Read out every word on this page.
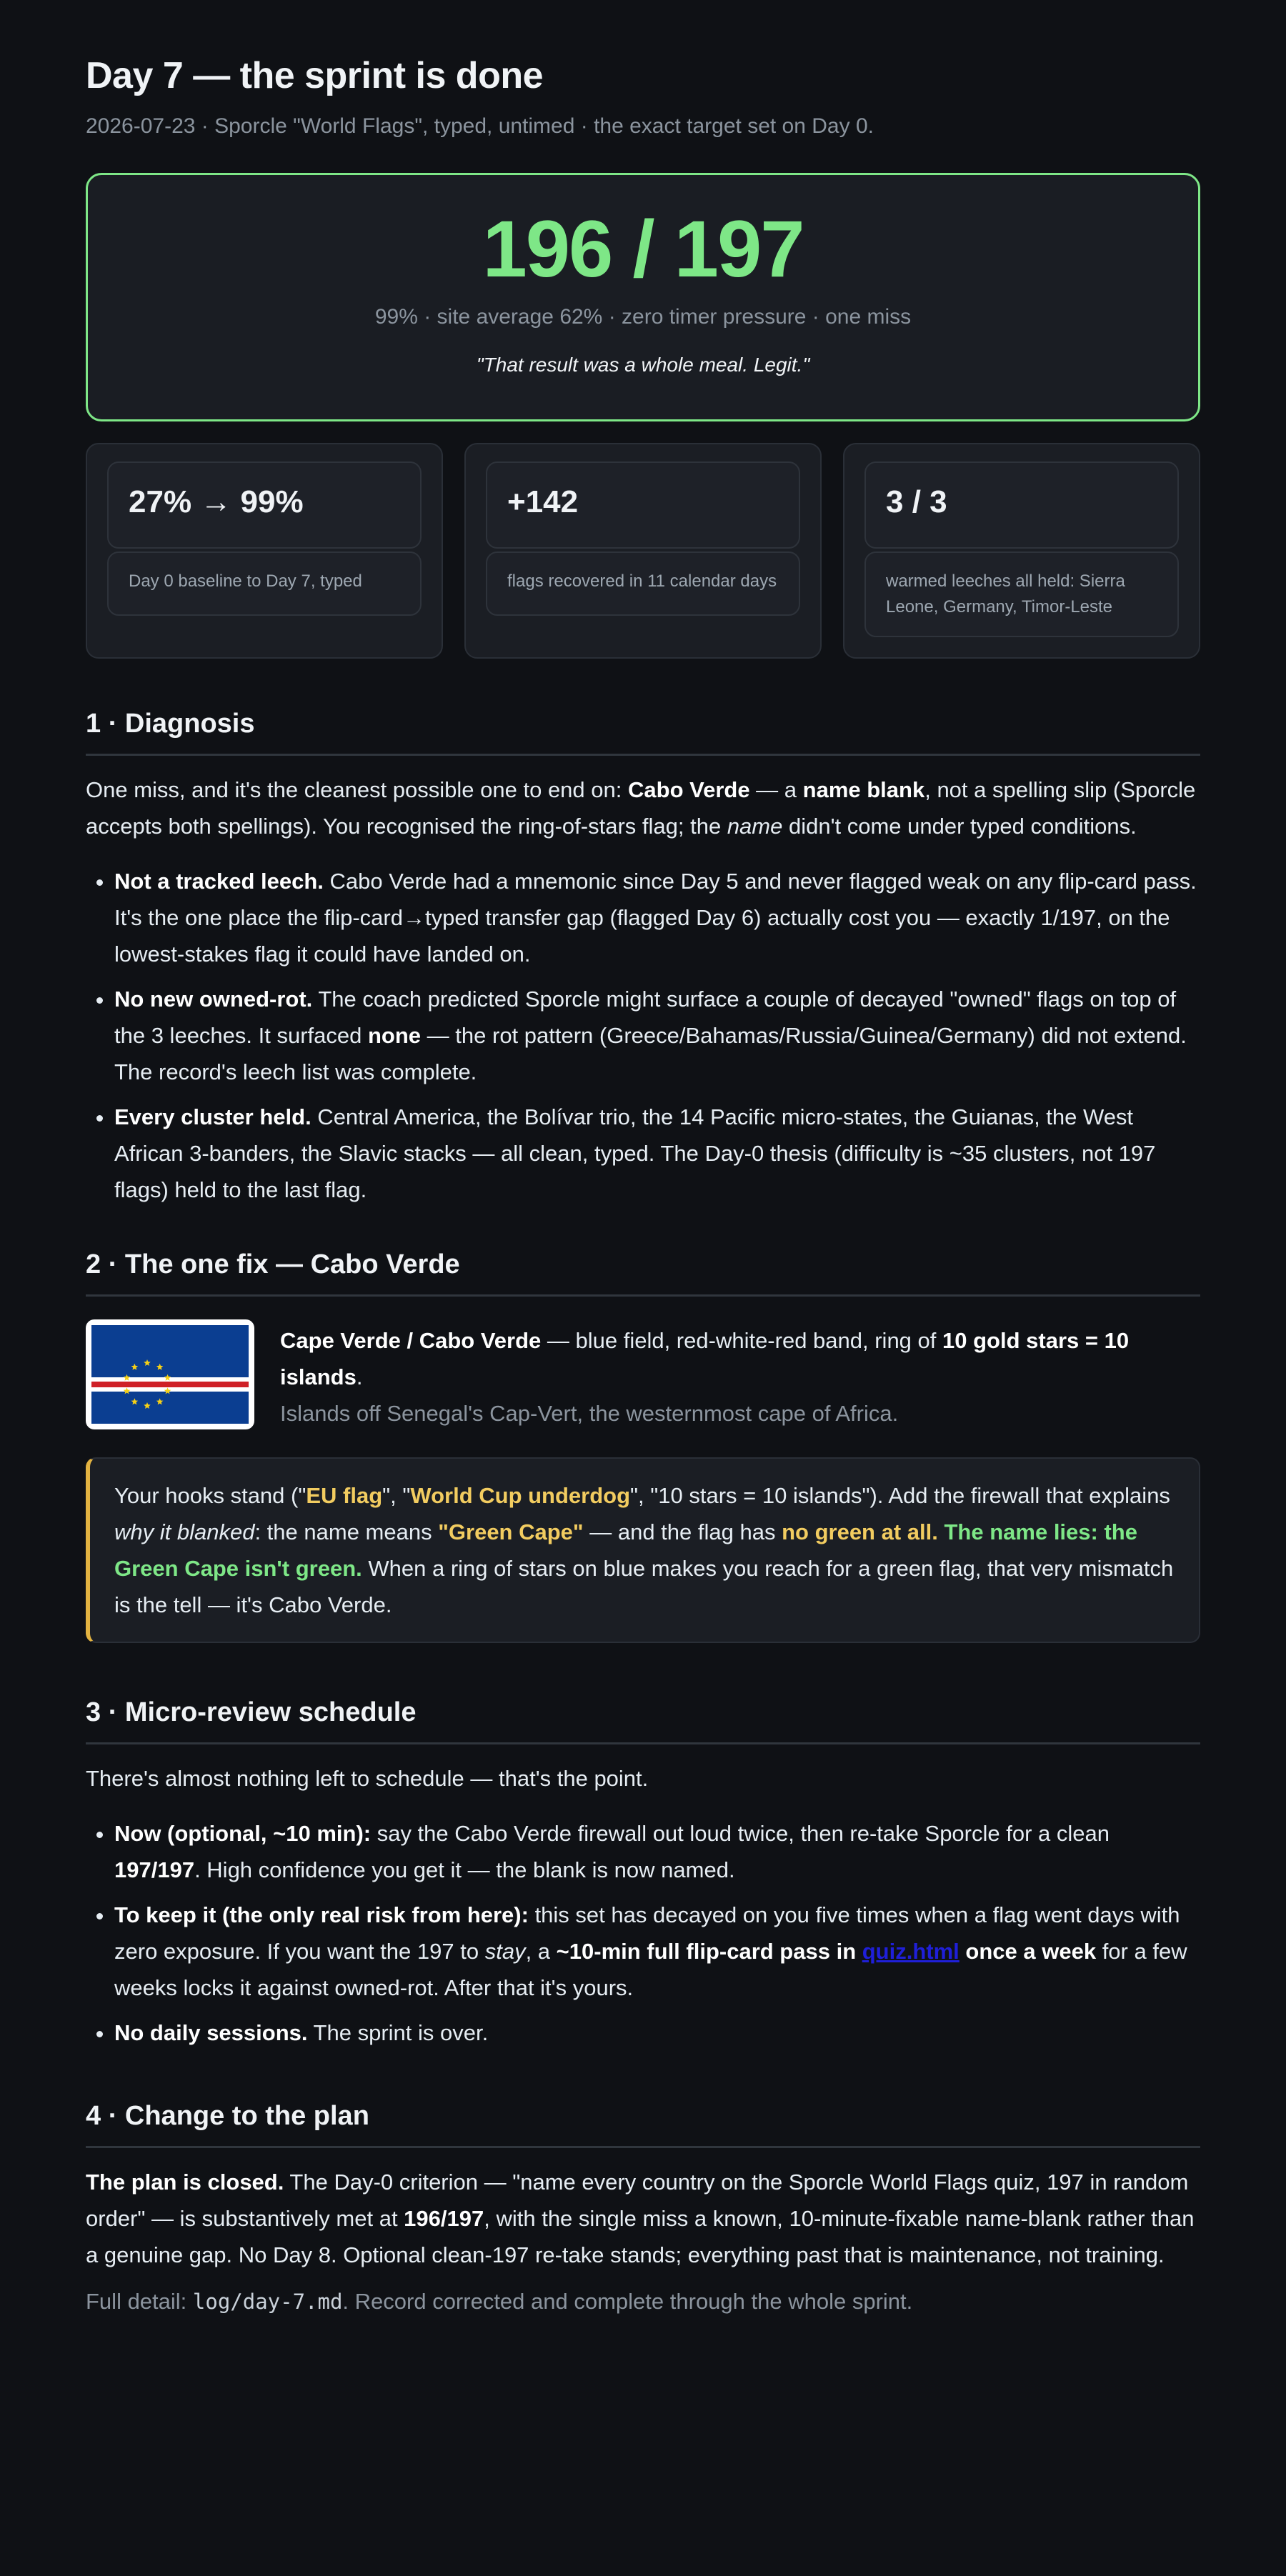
Day 7 — the sprint is done
2026-07-23 · Sporcle "World Flags", typed, untimed · the exact target set on Day 0.
196 / 197
99% · site average 62% · zero timer pressure · one miss
"That result was a whole meal. Legit."
27% → 99%
Day 0 baseline to Day 7, typed
+142
flags recovered in 11 calendar days
3 / 3
warmed leeches all held: Sierra Leone, Germany, Timor-Leste
1 · Diagnosis

One miss, and it's the cleanest possible one to end on: Cabo Verde — a name blank, not a spelling slip (Sporcle accepts both spellings). You recognised the ring-of-stars flag; the name didn't come under typed conditions.

• Not a tracked leech. Cabo Verde had a mnemonic since Day 5 and never flagged weak on any flip-card pass. It's the one place the flip-card→typed transfer gap (flagged Day 6) actually cost you — exactly 1/197, on the lowest-stakes flag it could have landed on.
• No new owned-rot. The coach predicted Sporcle might surface a couple of decayed "owned" flags on top of the 3 leeches. It surfaced none — the rot pattern (Greece/Bahamas/Russia/Guinea/Germany) did not extend. The record's leech list was complete.
• Every cluster held. Central America, the Bolívar trio, the 14 Pacific micro-states, the Guianas, the West African 3-banders, the Slavic stacks — all clean, typed. The Day-0 thesis (difficulty is ~35 clusters, not 197 flags) held to the last flag.
2 · The one fix — Cabo Verde

Cape Verde / Cabo Verde — blue field, red-white-red band, ring of 10 gold stars = 10 islands.

Islands off Senegal's Cap-Vert, the westernmost cape of Africa.

Your hooks stand ("EU flag", "World Cup underdog", "10 stars = 10 islands"). Add the firewall that explains why it blanked: the name means "Green Cape" — and the flag has no green at all. The name lies: the Green Cape isn't green. When a ring of stars on blue makes you reach for a green flag, that very mismatch is the tell — it's Cabo Verde.

3 · Micro-review schedule

There's almost nothing left to schedule — that's the point.

• Now (optional, ~10 min): say the Cabo Verde firewall out loud twice, then re-take Sporcle for a clean 197/197. High confidence you get it — the blank is now named.
• To keep it (the only real risk from here): this set has decayed on you five times when a flag went days with zero exposure. If you want the 197 to stay, a ~10-min full flip-card pass in quiz.html once a week for a few weeks locks it against owned-rot. After that it's yours.
• No daily sessions. The sprint is over.
4 · Change to the plan

The plan is closed. The Day-0 criterion — "name every country on the Sporcle World Flags quiz, 197 in random order" — is substantively met at 196/197, with the single miss a known, 10-minute-fixable name-blank rather than a genuine gap. No Day 8. Optional clean-197 re-take stands; everything past that is maintenance, not training.

Full detail: log/day-7.md. Record corrected and complete through the whole sprint.
